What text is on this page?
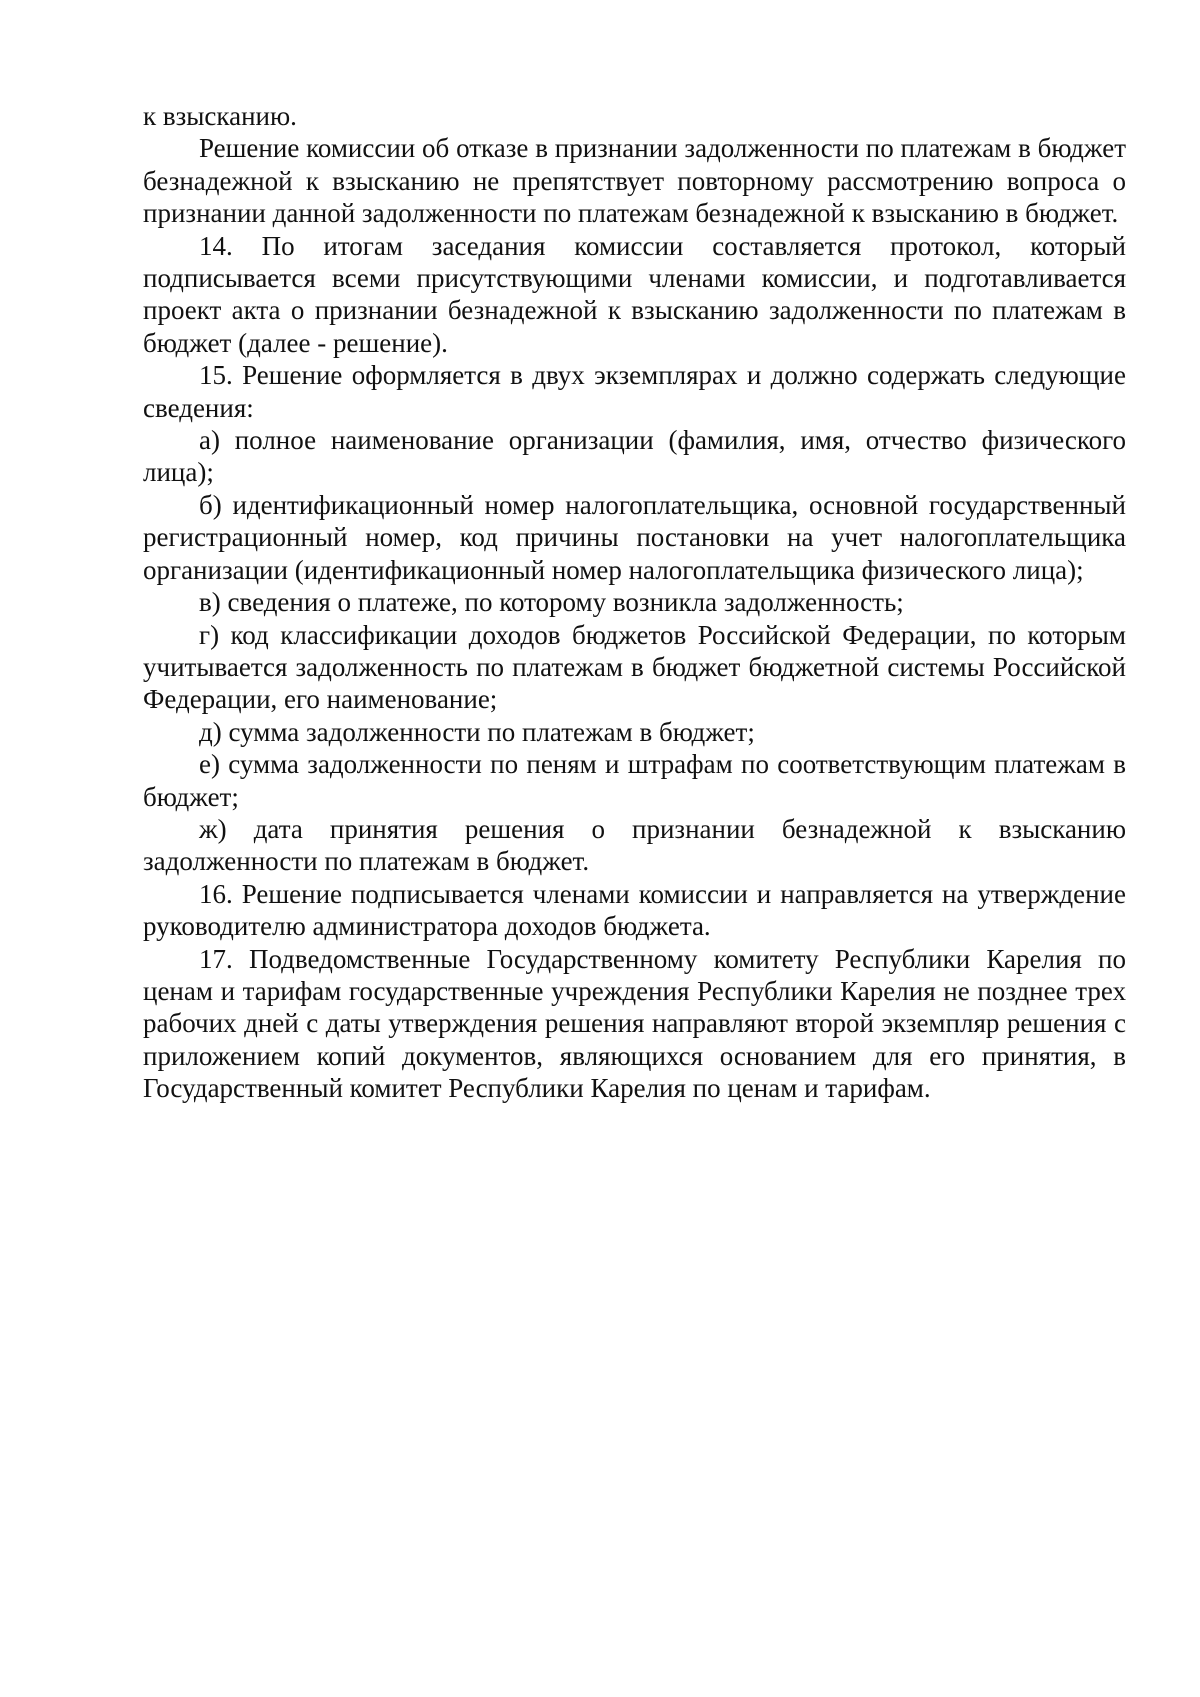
к взысканию.

Решение комиссии об отказе в признании задолженности по платежам в бюджет безнадежной к взысканию не препятствует повторному рассмотрению вопроса о признании данной задолженности по платежам безнадежной к взысканию в бюджет.

14. По итогам заседания комиссии составляется протокол, который подписывается всеми присутствующими членами комиссии, и подготавливается проект акта о признании безнадежной к взысканию задолженности по платежам в бюджет (далее - решение).

15. Решение оформляется в двух экземплярах и должно содержать следующие сведения:

а) полное наименование организации (фамилия, имя, отчество физического лица);

б) идентификационный номер налогоплательщика, основной государственный регистрационный номер, код причины постановки на учет налогоплательщика организации (идентификационный номер налогоплательщика физического лица);

в) сведения о платеже, по которому возникла задолженность;

г) код классификации доходов бюджетов Российской Федерации, по которым учитывается задолженность по платежам в бюджет бюджетной системы Российской Федерации, его наименование;

д) сумма задолженности по платежам в бюджет;

е) сумма задолженности по пеням и штрафам по соответствующим платежам в бюджет;

ж) дата принятия решения о признании безнадежной к взысканию задолженности по платежам в бюджет.

16. Решение подписывается членами комиссии и направляется на утверждение руководителю администратора доходов бюджета.

17. Подведомственные Государственному комитету Республики Карелия по ценам и тарифам государственные учреждения Республики Карелия не позднее трех рабочих дней с даты утверждения решения направляют второй экземпляр решения с приложением копий документов, являющихся основанием для его принятия, в Государственный комитет Республики Карелия по ценам и тарифам.
